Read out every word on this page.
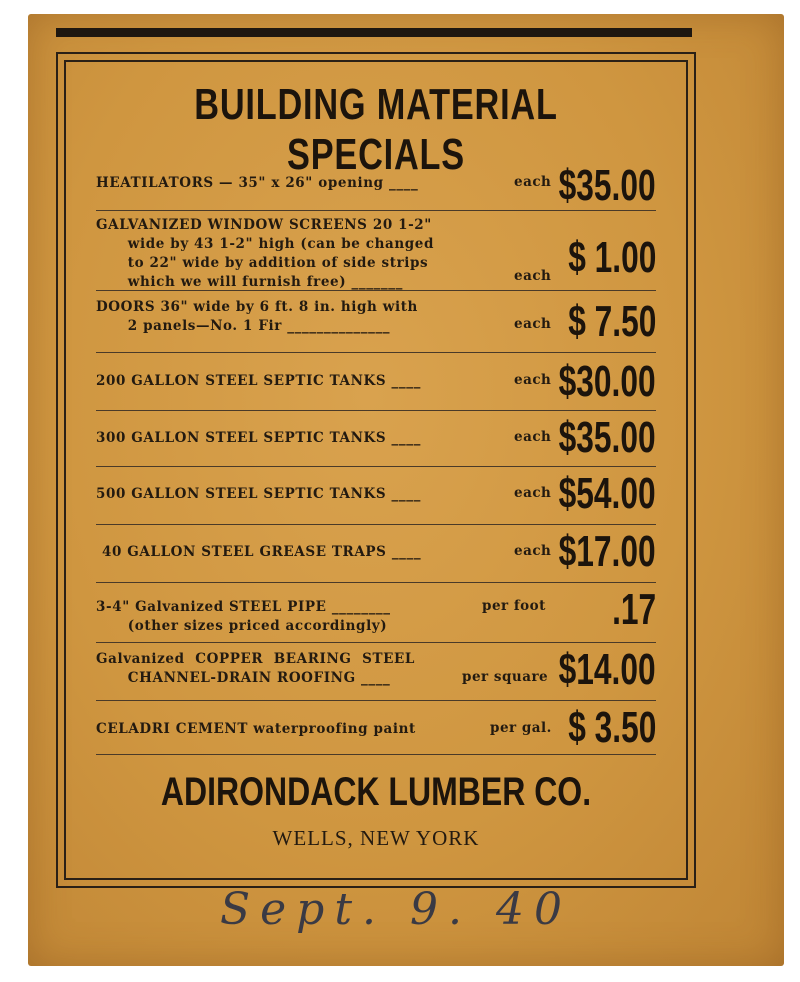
BUILDING MATERIAL SPECIALS
HEATILATORS — 35" x 26" opening ____	each $35.00
GALVANIZED WINDOW SCREENS 20 1-2"
wide by 43 1-2" high (can be changed
to 22" wide by addition of side strips
which we will furnish free) _______	each $ 1.00
DOORS 36" wide by 6 ft. 8 in. high with
2 panels—No. 1 Fir ______________	each $ 7.50
200 GALLON STEEL SEPTIC TANKS ____	each $30.00
300 GALLON STEEL SEPTIC TANKS ____	each $35.00
500 GALLON STEEL SEPTIC TANKS ____	each $54.00
40 GALLON STEEL GREASE TRAPS ____	each $17.00
3-4" Galvanized STEEL PIPE ________
(other sizes priced accordingly)
per foot .17
Galvanized  COPPER  BEARING  STEEL
CHANNEL-DRAIN ROOFING ____	per square $14.00
CELADRI CEMENT waterproofing paint	per gal. $ 3.50
ADIRONDACK LUMBER CO.
WELLS, NEW YORK
Sept. 9. 40
